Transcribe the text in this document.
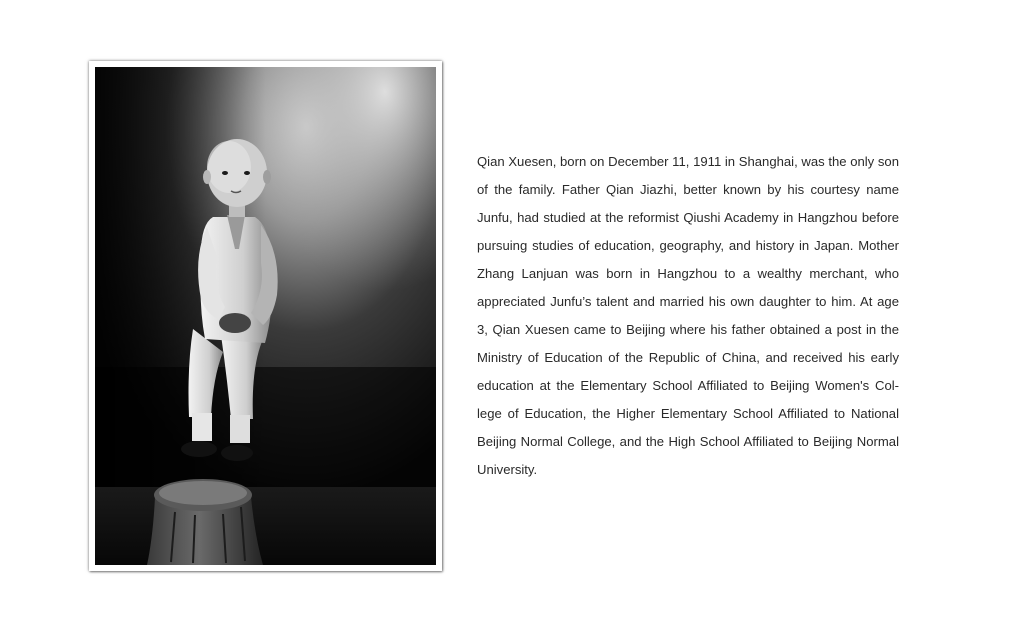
Qian Xuesen, born on December 11, 1911 in Shanghai, was the only son
of the family. Father Qian Jiazhi, better known by his courtesy name
Junfu, had studied at the reformist Qiushi Academy in Hangzhou before
pursuing studies of education, geography, and history in Japan. Mother
Zhang Lanjuan was born in Hangzhou to a wealthy merchant, who
appreciated Junfu’s talent and married his own daughter to him. At age
3, Qian Xuesen came to Beijing where his father obtained a post in the
Ministry of Education of the Republic of China, and received his early
education at the Elementary School Affiliated to Beijing Women's Col-
lege of Education, the Higher Elementary School Affiliated to National
Beijing Normal College, and the High School Affiliated to Beijing Normal
University.
